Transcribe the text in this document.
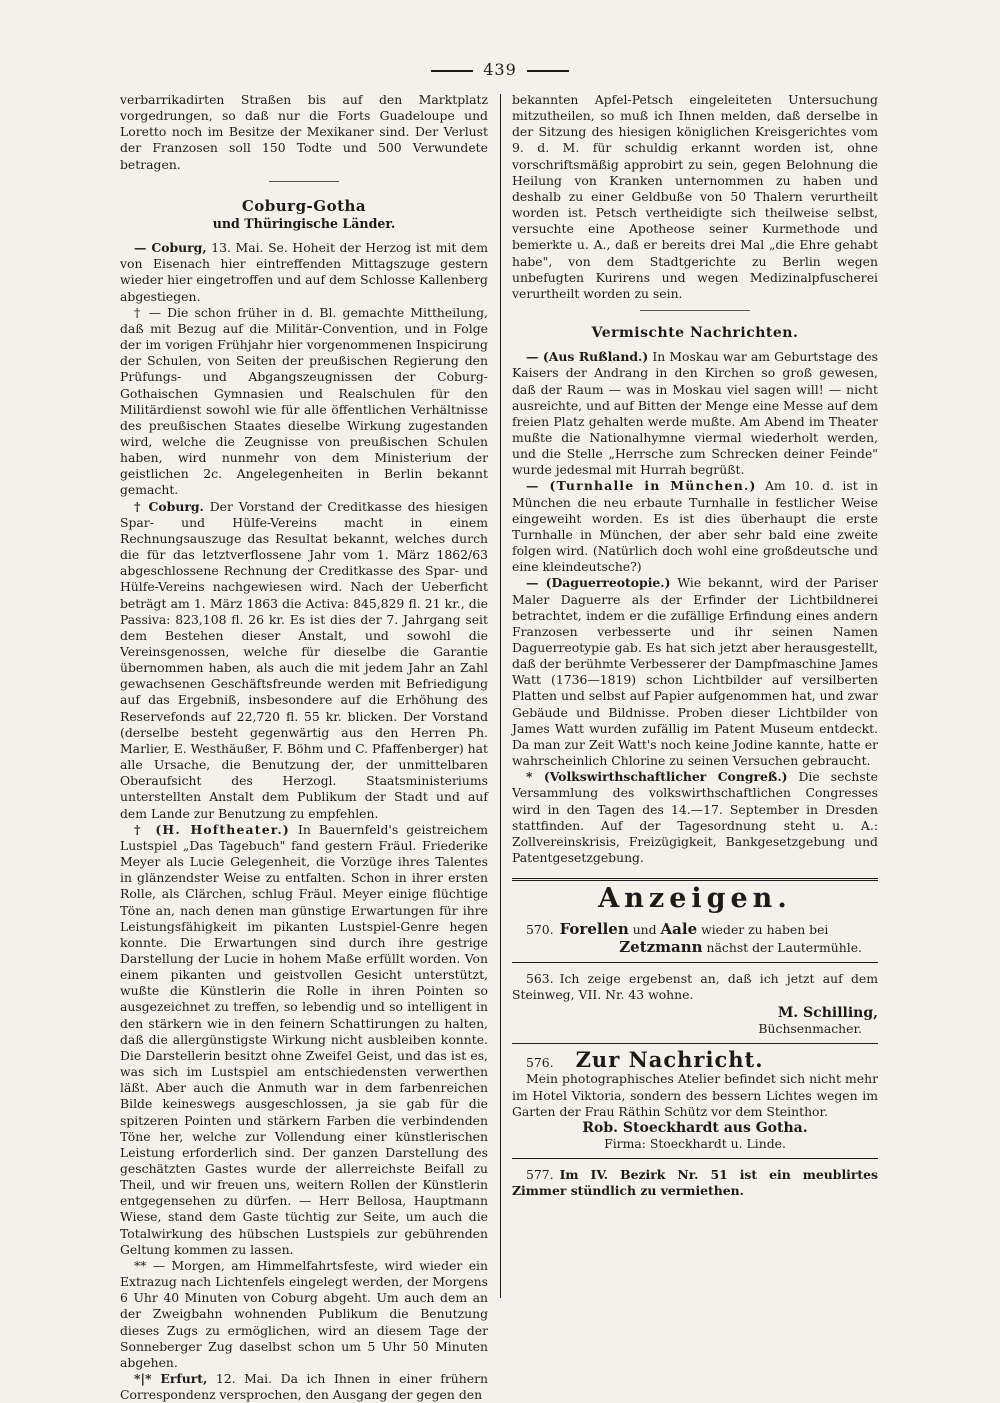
439

verbarrikadirten Straßen bis auf den Marktplatz vorgedrungen, so daß nur die Forts Guadeloupe und Loretto noch im Besitze der Mexikaner sind. Der Verlust der Franzosen soll 150 Todte und 500 Verwundete betragen.

Coburg-Gotha
und Thüringische Länder.

— Coburg, 13. Mai. Se. Hoheit der Herzog ist mit dem von Eisenach hier eintreffenden Mittagszuge gestern wieder hier eingetroffen und auf dem Schlosse Kallenberg abgestiegen.

† — Die schon früher in d. Bl. gemachte Mittheilung, daß mit Bezug auf die Militär-Convention, und in Folge der im vorigen Frühjahr hier vorgenommenen Inspicirung der Schulen, von Seiten der preußischen Regierung den Prüfungs- und Abgangszeugnissen der Coburg-Gothaischen Gymnasien und Realschulen für den Militärdienst sowohl wie für alle öffentlichen Verhältnisse des preußischen Staates dieselbe Wirkung zugestanden wird, welche die Zeugnisse von preußischen Schulen haben, wird nunmehr von dem Ministerium der geistlichen 2c. Angelegenheiten in Berlin bekannt gemacht.

† Coburg. Der Vorstand der Creditkasse des hiesigen Spar- und Hülfe-Vereins macht in einem Rechnungsauszuge das Resultat bekannt, welches durch die für das letztverflossene Jahr vom 1. März 1862/63 abgeschlossene Rechnung der Creditkasse des Spar- und Hülfe-Vereins nachgewiesen wird. Nach der Ueberficht beträgt am 1. März 1863 die Activa: 845,829 fl. 21 kr., die Passiva: 823,108 fl. 26 kr. Es ist dies der 7. Jahrgang seit dem Bestehen dieser Anstalt, und sowohl die Vereinsgenossen, welche für dieselbe die Garantie übernommen haben, als auch die mit jedem Jahr an Zahl gewachsenen Geschäftsfreunde werden mit Befriedigung auf das Ergebniß, insbesondere auf die Erhöhung des Reservefonds auf 22,720 fl. 55 kr. blicken. Der Vorstand (derselbe besteht gegenwärtig aus den Herren Ph. Marlier, E. Westhäußer, F. Böhm und C. Pfaffenberger) hat alle Ursache, die Benutzung der, der unmittelbaren Oberaufsicht des Herzogl. Staatsministeriums unterstellten Anstalt dem Publikum der Stadt und auf dem Lande zur Benutzung zu empfehlen.

† (H. Hoftheater.) In Bauernfeld's geistreichem Lustspiel „Das Tagebuch" fand gestern Fräul. Friederike Meyer als Lucie Gelegenheit, die Vorzüge ihres Talentes in glänzendster Weise zu entfalten. Schon in ihrer ersten Rolle, als Clärchen, schlug Fräul. Meyer einige flüchtige Töne an, nach denen man günstige Erwartungen für ihre Leistungsfähigkeit im pikanten Lustspiel-Genre hegen konnte. Die Erwartungen sind durch ihre gestrige Darstellung der Lucie in hohem Maße erfüllt worden. Von einem pikanten und geistvollen Gesicht unterstützt, wußte die Künstlerin die Rolle in ihren Pointen so ausgezeichnet zu treffen, so lebendig und so intelligent in den stärkern wie in den feinern Schattirungen zu halten, daß die allergünstigste Wirkung nicht ausbleiben konnte. Die Darstellerin besitzt ohne Zweifel Geist, und das ist es, was sich im Lustspiel am entschiedensten verwerthen läßt. Aber auch die Anmuth war in dem farbenreichen Bilde keineswegs ausgeschlossen, ja sie gab für die spitzeren Pointen und stärkern Farben die verbindenden Töne her, welche zur Vollendung einer künstlerischen Leistung erforderlich sind. Der ganzen Darstellung des geschätzten Gastes wurde der allerreichste Beifall zu Theil, und wir freuen uns, weitern Rollen der Künstlerin entgegensehen zu dürfen. — Herr Bellosa, Hauptmann Wiese, stand dem Gaste tüchtig zur Seite, um auch die Totalwirkung des hübschen Lustspiels zur gebührenden Geltung kommen zu lassen.

** — Morgen, am Himmelfahrtsfeste, wird wieder ein Extrazug nach Lichtenfels eingelegt werden, der Morgens 6 Uhr 40 Minuten von Coburg abgeht. Um auch dem an der Zweigbahn wohnenden Publikum die Benutzung dieses Zugs zu ermöglichen, wird an diesem Tage der Sonneberger Zug daselbst schon um 5 Uhr 50 Minuten abgehen.

*|* Erfurt, 12. Mai. Da ich Ihnen in einer frühern Correspondenz versprochen, den Ausgang der gegen den

bekannten Apfel-Petsch eingeleiteten Untersuchung mitzutheilen, so muß ich Ihnen melden, daß derselbe in der Sitzung des hiesigen königlichen Kreisgerichtes vom 9. d. M. für schuldig erkannt worden ist, ohne vorschriftsmäßig approbirt zu sein, gegen Belohnung die Heilung von Kranken unternommen zu haben und deshalb zu einer Geldbuße von 50 Thalern verurtheilt worden ist. Petsch vertheidigte sich theilweise selbst, versuchte eine Apotheose seiner Kurmethode und bemerkte u. A., daß er bereits drei Mal „die Ehre gehabt habe", von dem Stadtgerichte zu Berlin wegen unbefugten Kurirens und wegen Medizinalpfuscherei verurtheilt worden zu sein.

Vermischte Nachrichten.

— (Aus Rußland.) In Moskau war am Geburtstage des Kaisers der Andrang in den Kirchen so groß gewesen, daß der Raum — was in Moskau viel sagen will! — nicht ausreichte, und auf Bitten der Menge eine Messe auf dem freien Platz gehalten werde mußte. Am Abend im Theater mußte die Nationalhymne viermal wiederholt werden, und die Stelle „Herrsche zum Schrecken deiner Feinde" wurde jedesmal mit Hurrah begrüßt.

— (Turnhalle in München.) Am 10. d. ist in München die neu erbaute Turnhalle in festlicher Weise eingeweiht worden. Es ist dies überhaupt die erste Turnhalle in München, der aber sehr bald eine zweite folgen wird. (Natürlich doch wohl eine großdeutsche und eine kleindeutsche?)

— (Daguerreotopie.) Wie bekannt, wird der Pariser Maler Daguerre als der Erfinder der Lichtbildnerei betrachtet, indem er die zufällige Erfindung eines andern Franzosen verbesserte und ihr seinen Namen Daguerreotypie gab. Es hat sich jetzt aber herausgestellt, daß der berühmte Verbesserer der Dampfmaschine James Watt (1736—1819) schon Lichtbilder auf versilberten Platten und selbst auf Papier aufgenommen hat, und zwar Gebäude und Bildnisse. Proben dieser Lichtbilder von James Watt wurden zufällig im Patent Museum entdeckt. Da man zur Zeit Watt's noch keine Jodine kannte, hatte er wahrscheinlich Chlorine zu seinen Versuchen gebraucht.

* (Volkswirthschaftlicher Congreß.) Die sechste Versammlung des volkswirthschaftlichen Congresses wird in den Tagen des 14.—17. September in Dresden stattfinden. Auf der Tagesordnung steht u. A.: Zollvereinskrisis, Freizügigkeit, Bankgesetzgebung und Patentgesetzgebung.

Anzeigen.

570. Forellen und Aale wieder zu haben bei

Zetzmann nächst der Lautermühle.

563. Ich zeige ergebenst an, daß ich jetzt auf dem Steinweg, VII. Nr. 43 wohne.

M. Schilling,
Büchsenmacher.

576. Zur Nachricht.

Mein photographisches Atelier befindet sich nicht mehr im Hotel Viktoria, sondern des bessern Lichtes wegen im Garten der Frau Räthin Schütz vor dem Steinthor.

Rob. Stoeckhardt aus Gotha.
Firma: Stoeckhardt u. Linde.

577. Im IV. Bezirk Nr. 51 ist ein meublirtes Zimmer stündlich zu vermiethen.
